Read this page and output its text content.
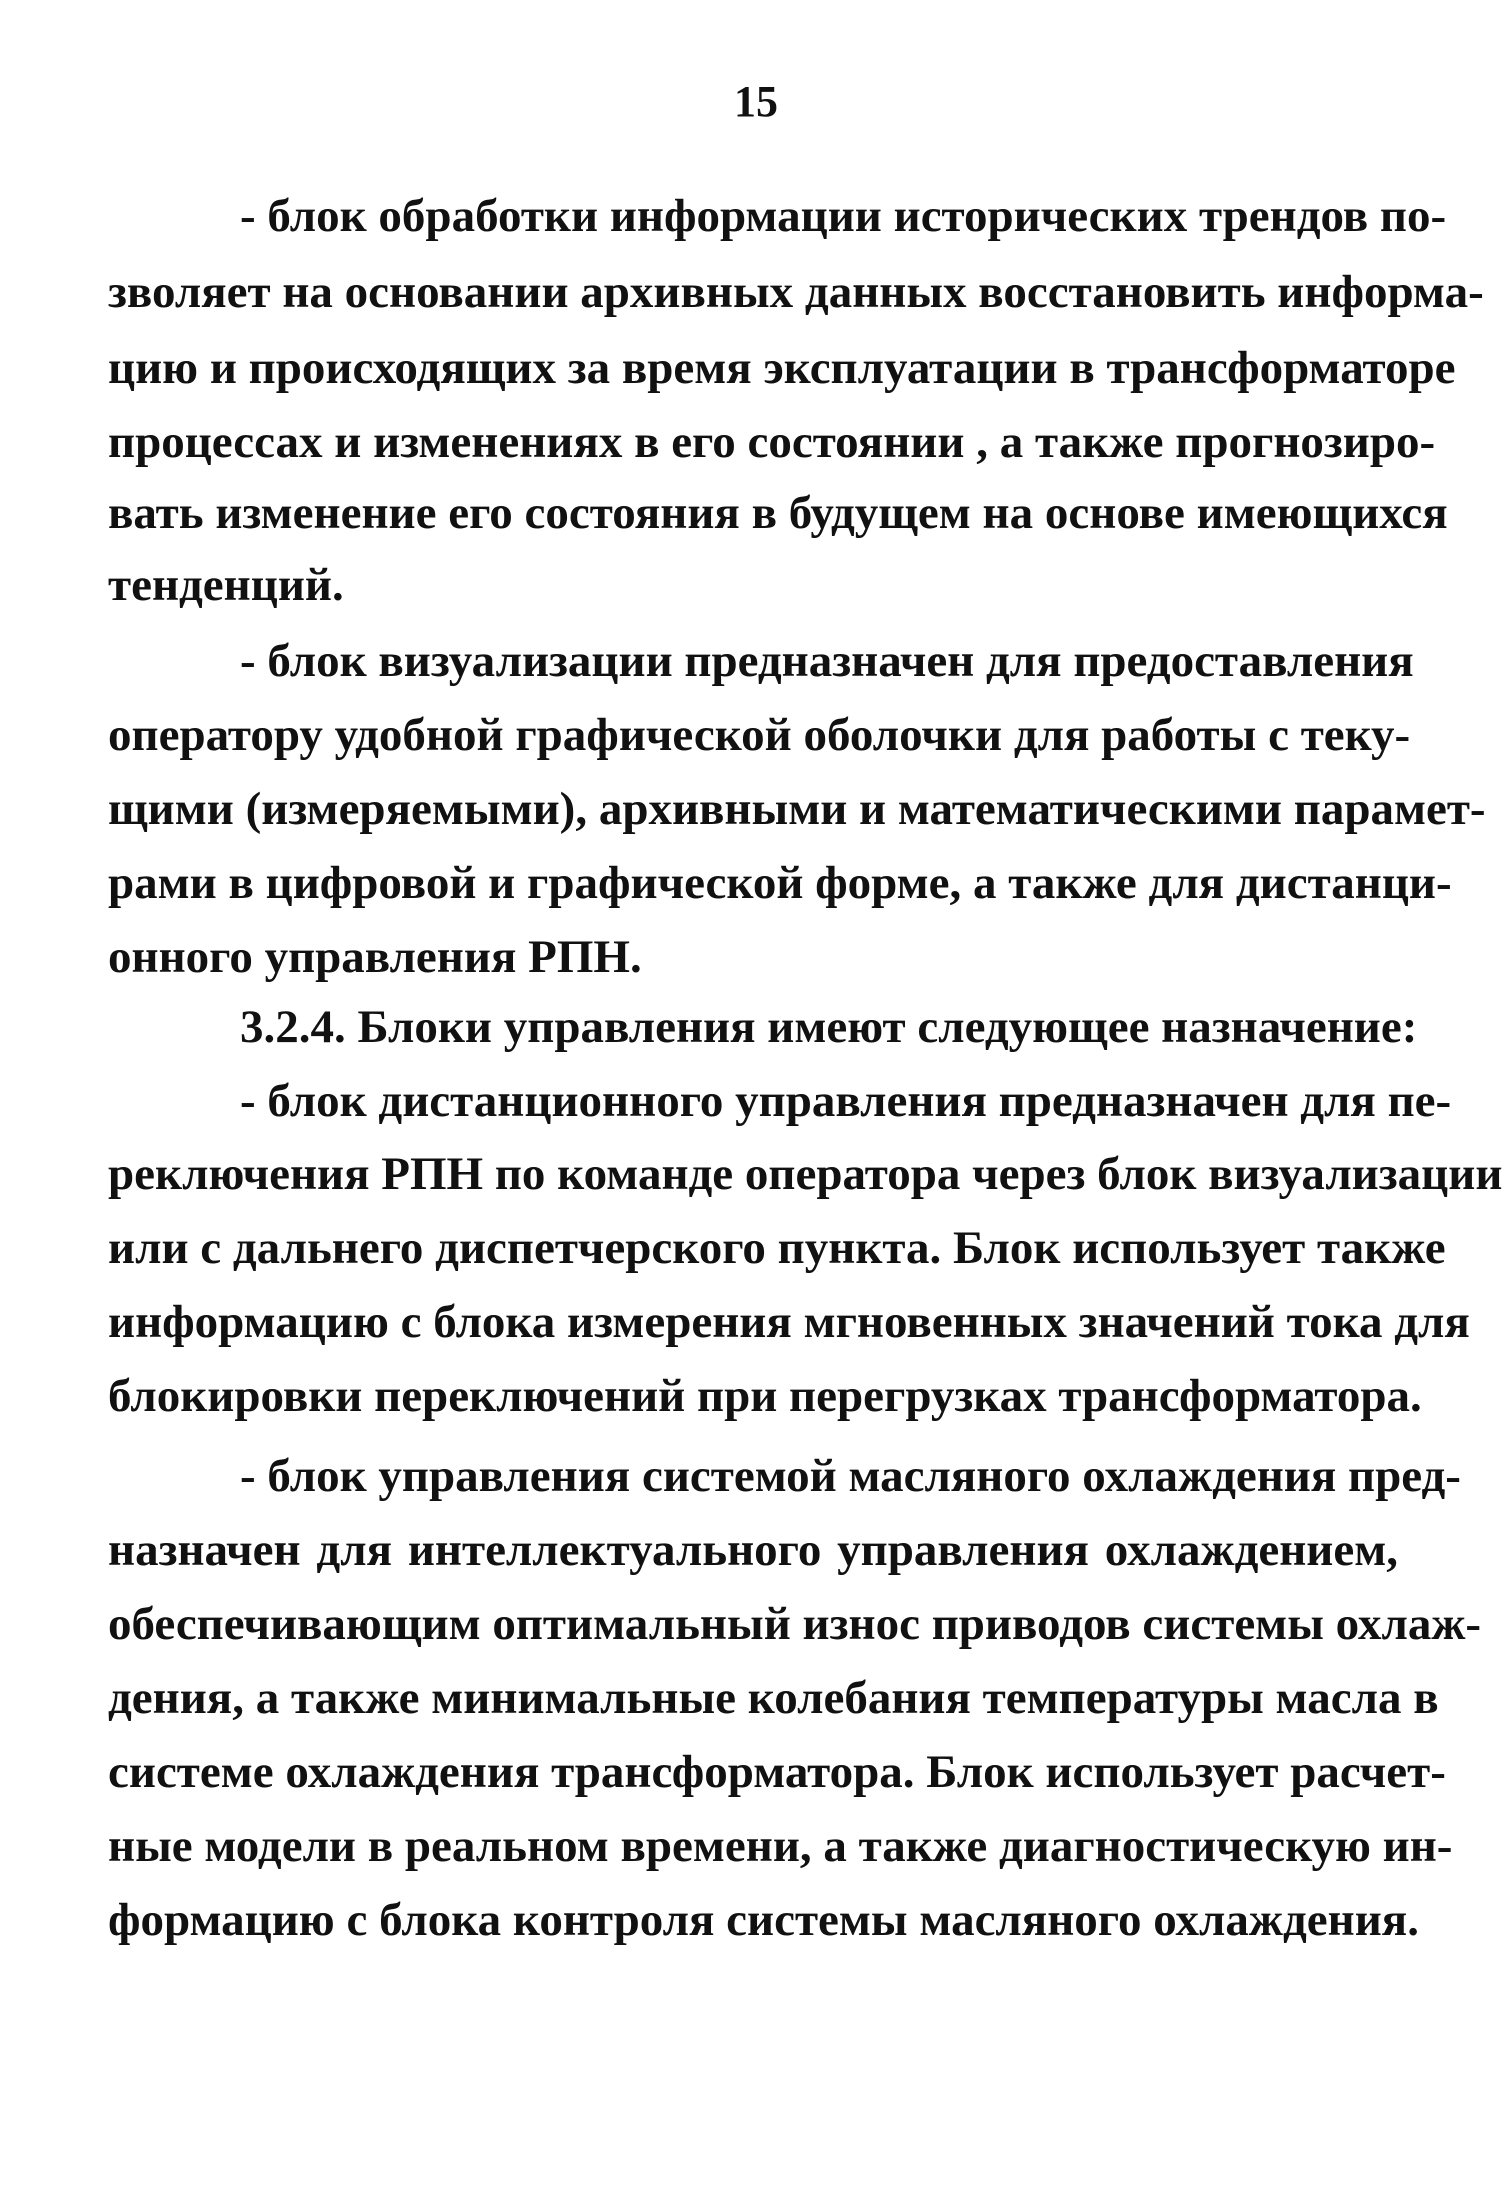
15
- блок обработки информации исторических трендов по-
зволяет на основании архивных данных восстановить информа-
цию и происходящих за время эксплуатации в трансформаторе
процессах и изменениях в его состоянии , а также прогнозиро-
вать изменение его состояния в будущем на основе имеющихся
тенденций.
- блок визуализации предназначен для предоставления
оператору удобной графической оболочки для работы с теку-
щими (измеряемыми), архивными и математическими парамет-
рами в цифровой и графической форме, а также для дистанци-
онного управления РПН.
3.2.4. Блоки управления имеют следующее назначение:
- блок дистанционного управления предназначен для пе-
реключения РПН по команде оператора через блок визуализации
или с дальнего диспетчерского пункта. Блок использует также
информацию с блока измерения мгновенных значений тока для
блокировки переключений при перегрузках трансформатора.
- блок управления системой масляного охлаждения пред-
назначен для интеллектуального управления охлаждением,
обеспечивающим оптимальный износ приводов системы охлаж-
дения, а также минимальные колебания температуры масла в
системе охлаждения трансформатора. Блок использует расчет-
ные модели в реальном времени, а также диагностическую ин-
формацию с блока контроля системы масляного охлаждения.
